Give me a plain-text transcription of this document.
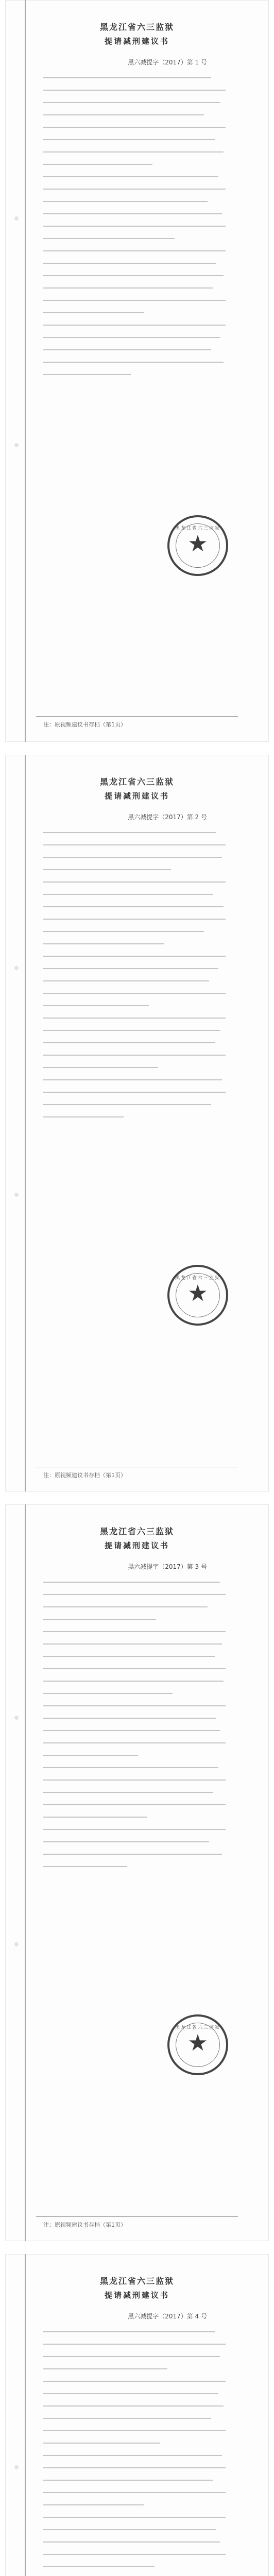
黑龙江省六三监狱
提请减刑建议书
黑六减提字（2017）第 1 号
黑龙江省六三监狱
★
注：原视频建议书存档（第1页）
黑龙江省六三监狱
提请减刑建议书
黑六减提字（2017）第 2 号
黑龙江省六三监狱
★
注：原视频建议书存档（第1页）
黑龙江省六三监狱
提请减刑建议书
黑六减提字（2017）第 3 号
黑龙江省六三监狱
★
注：原视频建议书存档（第1页）
黑龙江省六三监狱
提请减刑建议书
黑六减提字（2017）第 4 号
